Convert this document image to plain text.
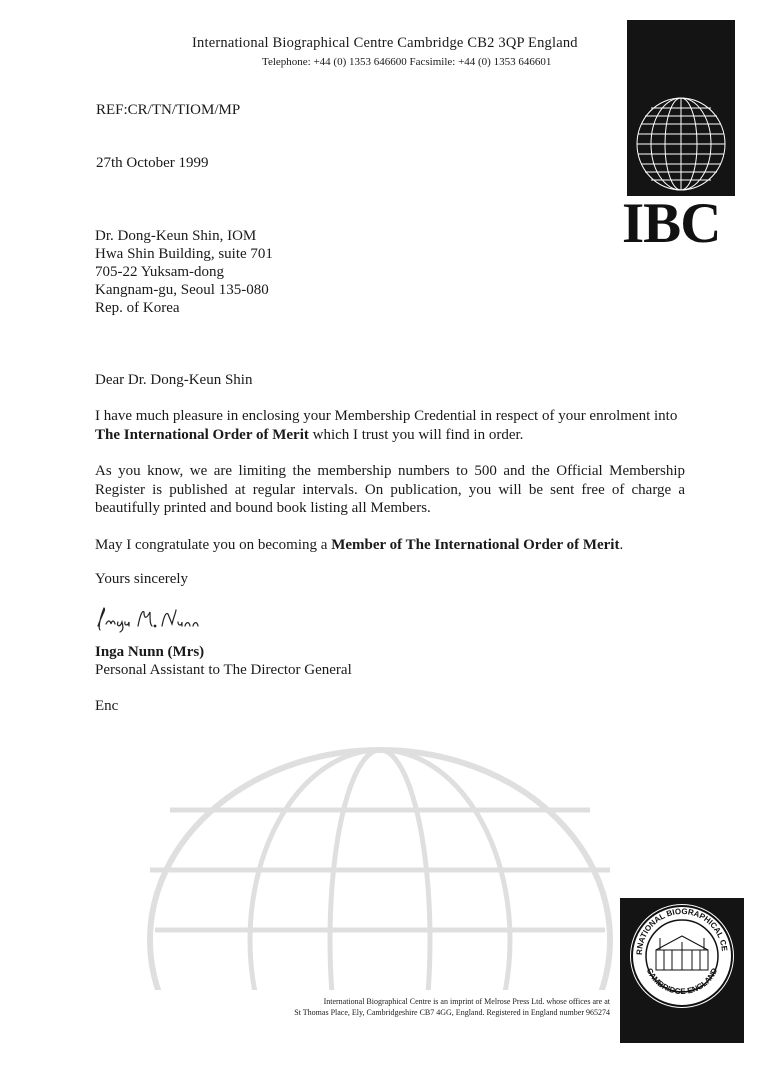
International Biographical Centre Cambridge CB2 3QP England
Telephone: +44 (0) 1353 646600 Facsimile: +44 (0) 1353 646601
IBC
REF:CR/TN/TIOM/MP
27th October 1999
Dr. Dong-Keun Shin, IOM
Hwa Shin Building, suite 701
705-22 Yuksam-dong
Kangnam-gu, Seoul 135-080
Rep. of Korea
Dear Dr. Dong-Keun Shin
I have much pleasure in enclosing your Membership Credential in respect of your enrolment into
The International Order of Merit which I trust you will find in order.
As you know, we are limiting the membership numbers to 500 and the Official Membership Register is published at regular intervals. On publication, you will be sent free of charge a beautifully printed and bound book listing all Members.
May I congratulate you on becoming a Member of The International Order of Merit.
Yours sincerely
Inga Nunn (Mrs)
Personal Assistant to The Director General
Enc
RNATIONAL BIOGRAPHICAL CE
CAMBRIDGE ENGLAND
International Biographical Centre is an imprint of Melrose Press Ltd. whose offices are at
St Thomas Place, Ely, Cambridgeshire CB7 4GG, England. Registered in England number 965274
